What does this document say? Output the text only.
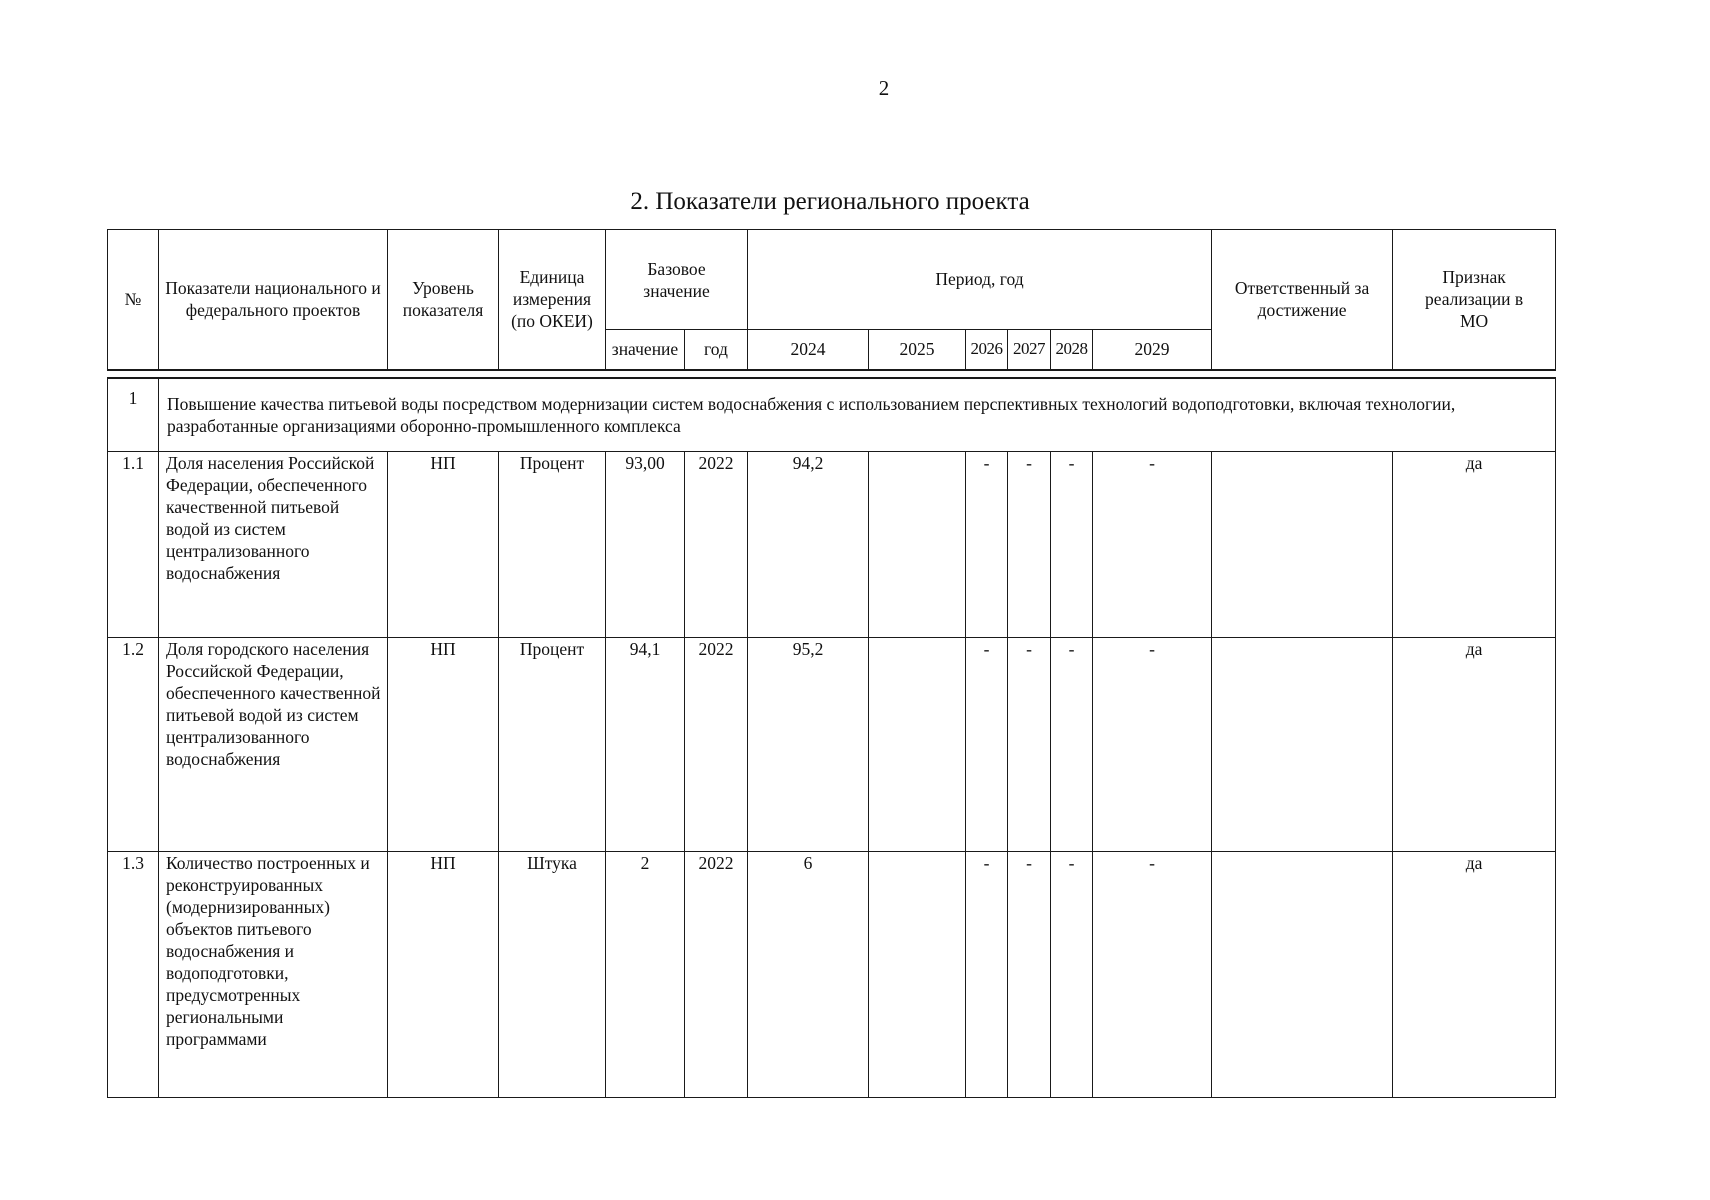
2
2. Показатели регионального проекта
№	Показатели национального и федерального проектов	Уровень показателя	Единица измерения (по ОКЕИ)	Базовое значение		Период, год						Ответственный за достижение	Признак реализации в МО
				значение	год	2024	2025	2026	2027	2028	2029		

1	Повышение качества питьевой воды посредством модернизации систем водоснабжения с использованием перспективных технологий водоподготовки, включая технологии, разработанные организациями оборонно-промышленного комплекса												
1.1	Доля населения Российской Федерации, обеспеченного качественной питьевой водой из систем централизованного водоснабжения	НП	Процент	93,00	2022	94,2		-	-	-	-		да
1.2	Доля городского населения Российской Федерации, обеспеченного качественной питьевой водой из систем централизованного водоснабжения	НП	Процент	94,1	2022	95,2		-	-	-	-		да
1.3	Количество построенных и реконструированных (модернизированных) объектов питьевого водоснабжения и водоподготовки, предусмотренных региональными программами	НП	Штука	2	2022	6		-	-	-	-		да
